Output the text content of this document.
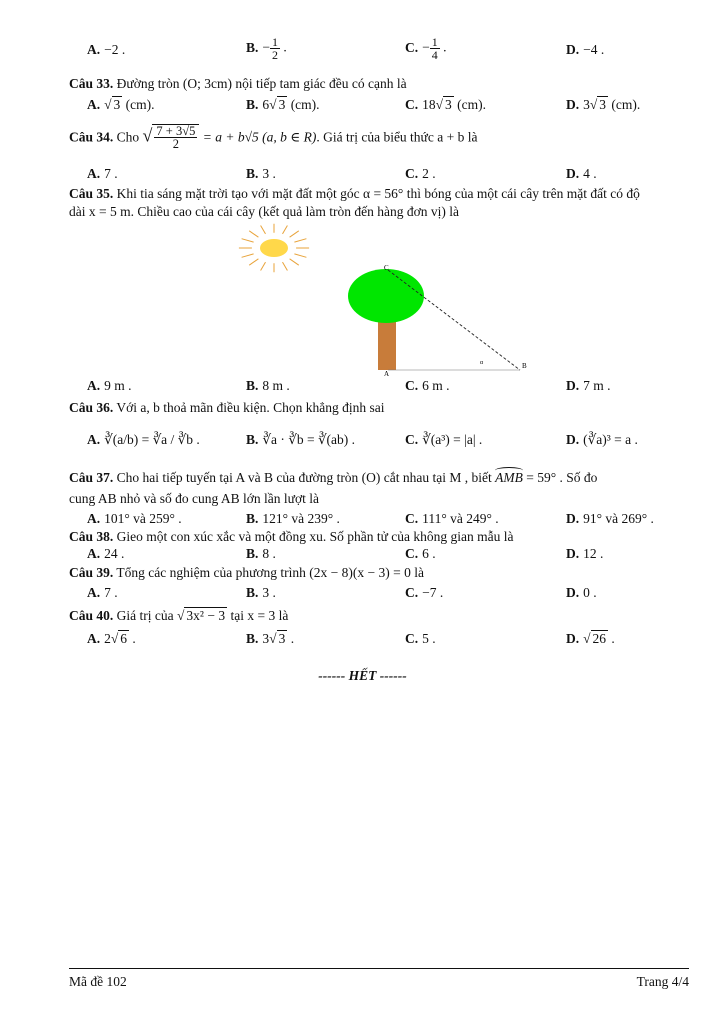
A. −2 .	B. − $\frac{1}{2}$ .	C. − $\frac{1}{4}$ .	D. −4 .
Câu 33. Đường tròn (O; 3cm) nội tiếp tam giác đều có cạnh là
A. √ 3 (cm).	B. 6√ 3 (cm).	C. 18√ 3 (cm).	D. 3√ 3 (cm).
Câu 34. Cho √ $\frac{7 + 3√5}{2} = a + b√5$ (a, b ∈ R). Giá trị của biểu thức a + b là
A. 7 .	B. 3 .	C. 2 .	D. 4 .
Câu 35. Khi tia sáng mặt trời tạo với mặt đất một góc α = 56° thì bóng của một cái cây trên mặt đất có độ
dài x = 5 m. Chiều cao của cái cây (kết quả làm tròn đến hàng đơn vị) là
C
A
B
α
A. 9 m .	B. 8 m .	C. 6 m .	D. 7 m .
Câu 36. Với a, b thoả mãn điều kiện. Chọn khẳng định sai
A. ∛(a/b) = ∛a / ∛b .	B. ∛a · ∛b = ∛(ab) .	C. ∛(a³) = |a| .	D. (∛a)³ = a .
Câu 37. Cho hai tiếp tuyến tại A và B của đường tròn (O) cắt nhau tại M , biết AMB = 59° . Số đo
cung AB nhỏ và số đo cung AB lớn lần lượt là
A. 101° và 259° .	B. 121° và 239° .	C. 111° và 249° .	D. 91° và 269° .
Câu 38. Gieo một con xúc xắc và một đồng xu. Số phần tử của không gian mẫu là
A. 24 .	B. 8 .	C. 6 .	D. 12 .
Câu 39. Tổng các nghiệm của phương trình (2x − 8)(x − 3) = 0 là
A. 7 .	B. 3 .	C. −7 .	D. 0 .
Câu 40. Giá trị của √ 3x² − 3 tại x = 3 là
A. 2√ 6 .	B. 3√ 3 .	C. 5 .	D. √ 26 .
------ HẾT ------
Mã đề 102	Trang 4/4
